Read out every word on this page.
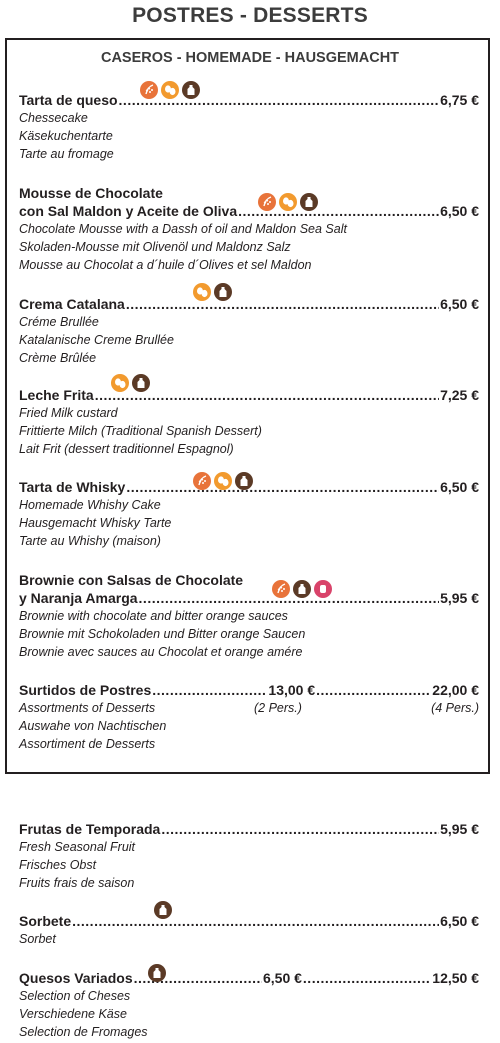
POSTRES - DESSERTS
CASEROS - HOMEMADE - HAUSGEMACHT
Tarta de queso .....	6,75 €
Chessecake
Käsekuchentarte
Tarte au fromage
Mousse de Chocolate
con Sal Maldon y Aceite de Oliva .....	6,50 €
Chocolate Mousse with a Dassh of oil and Maldon Sea Salt
Skoladen-Mousse mit Olivenöl und Maldonz Salz
Mousse au Chocolat a d´huile d´Olives et sel Maldon
Crema Catalana .....	6,50 €
Créme Brullée
Katalanische Creme Brullée
Crème Brûlée
Leche Frita .....	7,25 €
Fried Milk custard
Frittierte Milch (Traditional Spanish Dessert)
Lait Frit (dessert traditionnel Espagnol)
Tarta de Whisky .....	6,50 €
Homemade Whishy Cake
Hausgemacht Whisky Tarte
Tarte au Whishy (maison)
Brownie con Salsas de Chocolate
y Naranja Amarga .....	5,95 €
Brownie with chocolate and bitter orange sauces
Brownie mit Schokoladen und Bitter orange Saucen
Brownie avec sauces au Chocolat et orange amére
Surtidos de Postres .....	13,00 € .....	22,00 €
Assortments of Desserts	(2 Pers.)	(4 Pers.)
Auswahe von Nachtischen
Assortiment de Desserts
Frutas de Temporada .....	5,95 €
Fresh Seasonal Fruit
Frisches Obst
Fruits frais de saison
Sorbete .....	6,50 €
Sorbet
Quesos Variados .....	6,50 € .....	12,50 €
Selection of Cheses
Verschiedene Käse
Selection de Fromages
